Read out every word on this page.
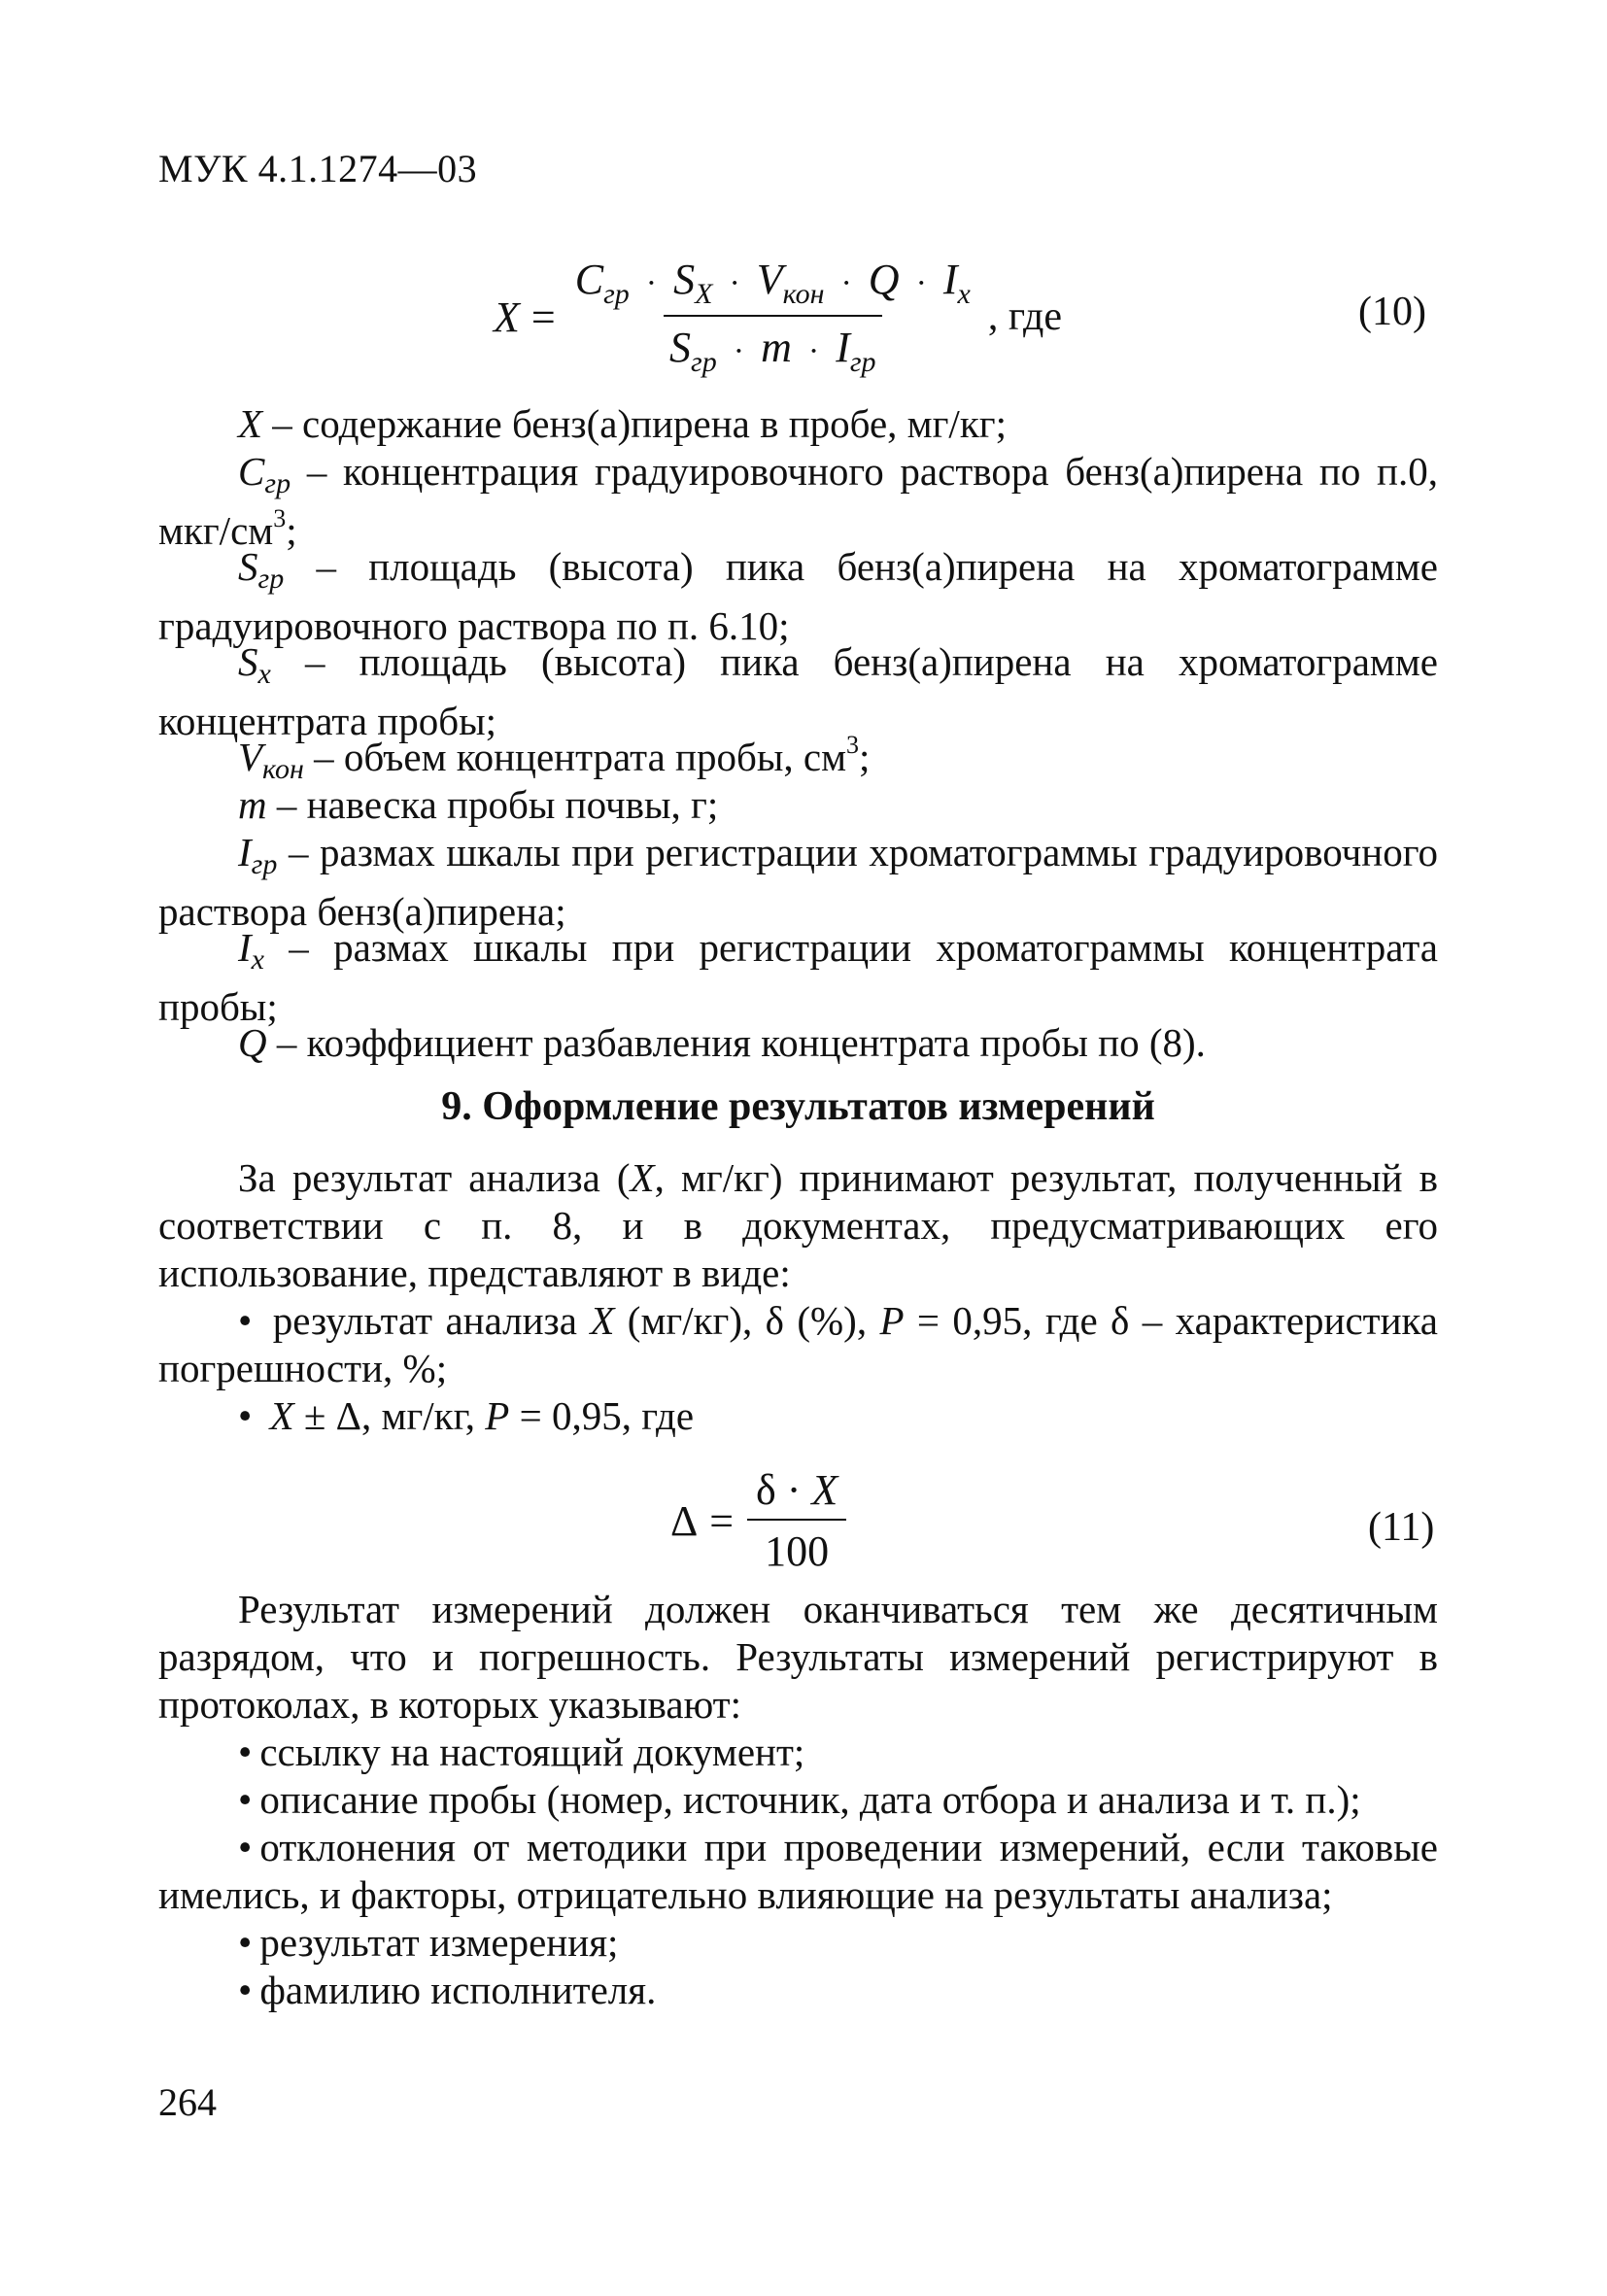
МУК 4.1.1274—03
X =
$C_{гр} \cdot S_X \cdot V_{кон} \cdot Q \cdot I_x$
$S_{гр} \cdot m \cdot I_{гр}$
, где	(10)
X – содержание бенз(а)пирена в пробе, мг/кг;
Cгр – концентрация градуировочного раствора бенз(а)пирена по п.0, мкг/$см^3$;
Sгр – площадь (высота) пика бенз(а)пирена на хроматограмме градуировочного раствора по п. 6.10;
Sx – площадь (высота) пика бенз(а)пирена на хроматограмме концентрата пробы;
Vкон – объем концентрата пробы, $см^3$;
m – навеска пробы почвы, г;
Iгр – размах шкалы при регистрации хроматограммы градуировочного раствора бенз(а)пирена;
Ix – размах шкалы при регистрации хроматограммы концентрата пробы;
Q – коэффициент разбавления концентрата пробы по (8).
9. Оформление результатов измерений
За результат анализа (X, мг/кг) принимают результат, полученный в соответствии с п. 8, и в документах, предусматривающих его использование, представляют в виде:
• результат анализа X (мг/кг), δ (%), P = 0,95, где δ – характеристика погрешности, %;
• X ± Δ, мг/кг, P = 0,95, где
$\Delta = \frac{\delta \cdot X}{100}$	(11)
Результат измерений должен оканчиваться тем же десятичным разрядом, что и погрешность. Результаты измерений регистрируют в протоколах, в которых указывают:
• ссылку на настоящий документ;
• описание пробы (номер, источник, дата отбора и анализа и т. п.);
• отклонения от методики при проведении измерений, если таковые имелись, и факторы, отрицательно влияющие на результаты анализа;
• результат измерения;
• фамилию исполнителя.
264
